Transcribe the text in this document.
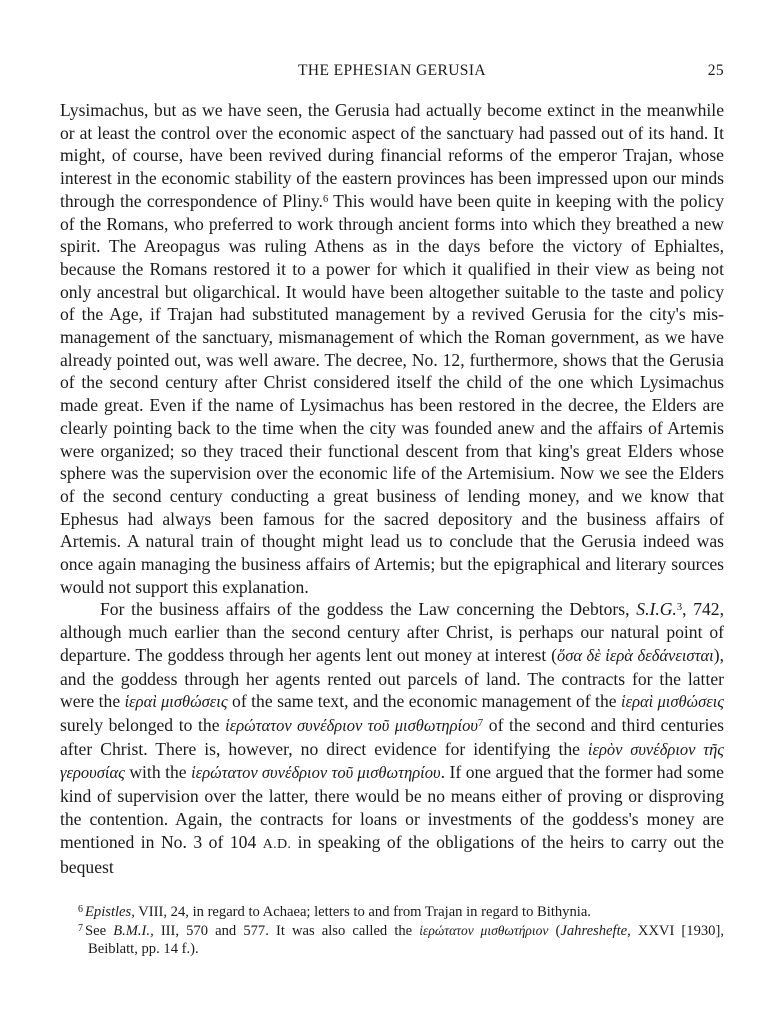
THE EPHESIAN GERUSIA	25

Lysimachus, but as we have seen, the Gerusia had actually become extinct in the meanwhile or at least the control over the economic aspect of the sanctuary had passed out of its hand. It might, of course, have been revived during financial reforms of the emperor Trajan, whose interest in the economic stability of the eastern provinces has been impressed upon our minds through the correspondence of Pliny.$^6$ This would have been quite in keeping with the policy of the Romans, who preferred to work through ancient forms into which they breathed a new spirit. The Areopagus was ruling Athens as in the days before the victory of Ephialtes, because the Romans restored it to a power for which it qualified in their view as being not only ancestral but oligarchical. It would have been altogether suitable to the taste and policy of the Age, if Trajan had substituted management by a revived Gerusia for the city's mis-management of the sanctuary, mismanagement of which the Roman government, as we have already pointed out, was well aware. The decree, No. 12, furthermore, shows that the Gerusia of the second century after Christ considered itself the child of the one which Lysimachus made great. Even if the name of Lysimachus has been restored in the decree, the Elders are clearly pointing back to the time when the city was founded anew and the affairs of Artemis were organized; so they traced their functional descent from that king's great Elders whose sphere was the supervision over the economic life of the Artemisium. Now we see the Elders of the second century conducting a great business of lending money, and we know that Ephesus had always been famous for the sacred depository and the business affairs of Artemis. A natural train of thought might lead us to conclude that the Gerusia indeed was once again managing the business affairs of Artemis; but the epigraphical and literary sources would not support this explanation.

For the business affairs of the goddess the Law concerning the Debtors, S.I.G.$^3$, 742, although much earlier than the second century after Christ, is perhaps our natural point of departure. The goddess through her agents lent out money at interest (ὅσα δὲ ἱερὰ δεδάνεισται), and the goddess through her agents rented out parcels of land. The contracts for the latter were the ἱεραὶ μισθώσεις of the same text, and the economic management of the ἱεραὶ μισθώσεις surely belonged to the ἱερώτατον συνέδριον τοῦ μισθωτηρίου$^7$ of the second and third centuries after Christ. There is, however, no direct evidence for identifying the ἱερὸν συνέδριον τῆς γερουσίας with the ἱερώτατον συνέδριον τοῦ μισθωτηρίου. If one argued that the former had some kind of supervision over the latter, there would be no means either of proving or disproving the contention. Again, the contracts for loans or investments of the goddess's money are mentioned in No. 3 of 104 A.D. in speaking of the obligations of the heirs to carry out the bequest

$^6$ Epistles, VIII, 24, in regard to Achaea; letters to and from Trajan in regard to Bithynia.

$^7$ See B.M.I., III, 570 and 577. It was also called the ἱερώτατον μισθωτήριον (Jahreshefte, XXVI [1930], Beiblatt, pp. 14 f.).
